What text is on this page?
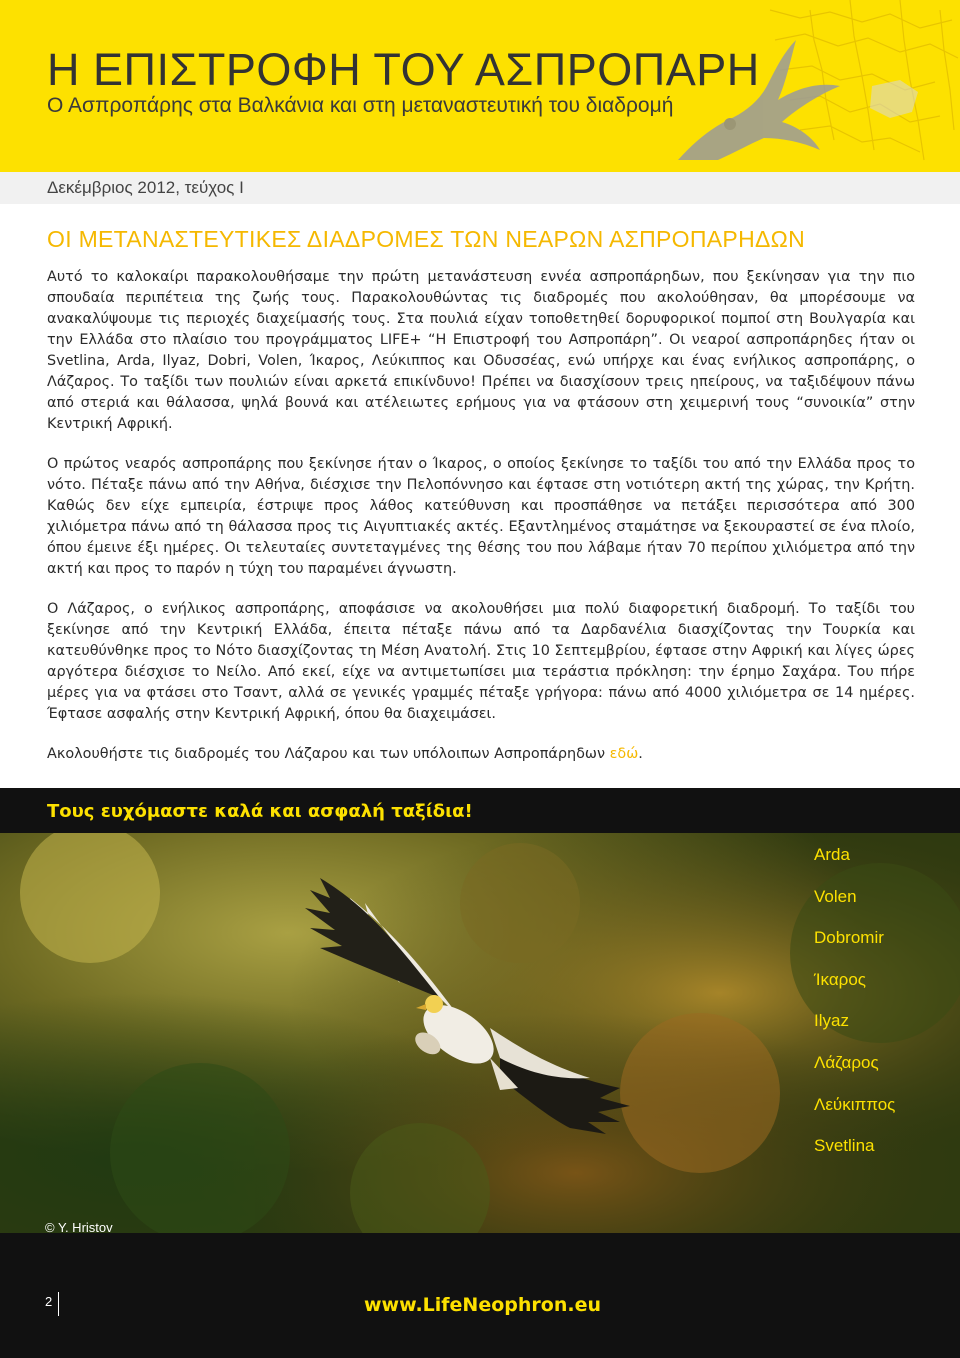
Η ΕΠΙΣΤΡΟΦΗ ΤΟΥ ΑΣΠΡΟΠΑΡΗ
Ο Ασπροπάρης στα Βαλκάνια και στη μεταναστευτική του διαδρομή
Δεκέμβριος 2012, τεύχος I
ΟΙ ΜΕΤΑΝΑΣΤΕΥΤΙΚΕΣ ΔΙΑΔΡΟΜΕΣ ΤΩΝ ΝΕΑΡΩΝ ΑΣΠΡΟΠΑΡΗΔΩΝ

Αυτό το καλοκαίρι παρακολουθήσαμε την πρώτη μετανάστευση εννέα ασπροπάρηδων, που ξεκίνησαν για την πιο σπουδαία περιπέτεια της ζωής τους. Παρακολουθώντας τις διαδρομές που ακολούθησαν, θα μπορέσουμε να ανακαλύψουμε τις περιοχές διαχείμασής τους. Στα πουλιά είχαν τοποθετηθεί δορυφορικοί πομποί στη Βουλγαρία και την Ελλάδα στο πλαίσιο του προγράμματος LIFE+ “Η Επιστροφή του Ασπροπάρη”. Οι νεαροί ασπροπάρηδες ήταν οι Svetlina, Arda, Ilyaz, Dobri, Volen, Ίκαρος, Λεύκιππος και Οδυσσέας, ενώ υπήρχε και ένας ενήλικος ασπροπάρης, ο Λάζαρος. Το ταξίδι των πουλιών είναι αρκετά επικίνδυνο! Πρέπει να διασχίσουν τρεις ηπείρους, να ταξιδέψουν πάνω από στεριά και θάλασσα, ψηλά βουνά και ατέλειωτες ερήμους για να φτάσουν στη χειμερινή τους “συνοικία” στην Κεντρική Αφρική.

Ο πρώτος νεαρός ασπροπάρης που ξεκίνησε ήταν ο Ίκαρος, ο οποίος ξεκίνησε το ταξίδι του από την Ελλάδα προς το νότο. Πέταξε πάνω από την Αθήνα, διέσχισε την Πελοπόννησο και έφτασε στη νοτιότερη ακτή της χώρας, την Κρήτη. Καθώς δεν είχε εμπειρία, έστριψε προς λάθος κατεύθυνση και προσπάθησε να πετάξει περισσότερα από 300 χιλιόμετρα πάνω από τη θάλασσα προς τις Αιγυπτιακές ακτές. Εξαντλημένος σταμάτησε να ξεκουραστεί σε ένα πλοίο, όπου έμεινε έξι ημέρες. Οι τελευταίες συντεταγμένες της θέσης του που λάβαμε ήταν 70 περίπου χιλιόμετρα από την ακτή και προς το παρόν η τύχη του παραμένει άγνωστη.

Ο Λάζαρος, ο ενήλικος ασπροπάρης, αποφάσισε να ακολουθήσει μια πολύ διαφορετική διαδρομή. Το ταξίδι του ξεκίνησε από την Κεντρική Ελλάδα, έπειτα πέταξε πάνω από τα Δαρδανέλια διασχίζοντας την Τουρκία και κατευθύνθηκε προς το Νότο διασχίζοντας τη Μέση Ανατολή. Στις 10 Σεπτεμβρίου, έφτασε στην Αφρική και λίγες ώρες αργότερα διέσχισε το Νείλο. Από εκεί, είχε να αντιμετωπίσει μια τεράστια πρόκληση: την έρημο Σαχάρα. Του πήρε μέρες για να φτάσει στο Τσαντ, αλλά σε γενικές γραμμές πέταξε γρήγορα: πάνω από 4000 χιλιόμετρα σε 14 ημέρες. Έφτασε ασφαλής στην Κεντρική Αφρική, όπου θα διαχειμάσει.

Ακολουθήστε τις διαδρομές του Λάζαρου και των υπόλοιπων Ασπροπάρηδων εδώ.

Τους ευχόμαστε καλά και ασφαλή ταξίδια!
Arda
Volen
Dobromir
Ίκαρος
Ilyaz
Λάζαρος
Λεύκιππος
Svetlina
© Y. Hristov
2	www.LifeNeophron.eu
